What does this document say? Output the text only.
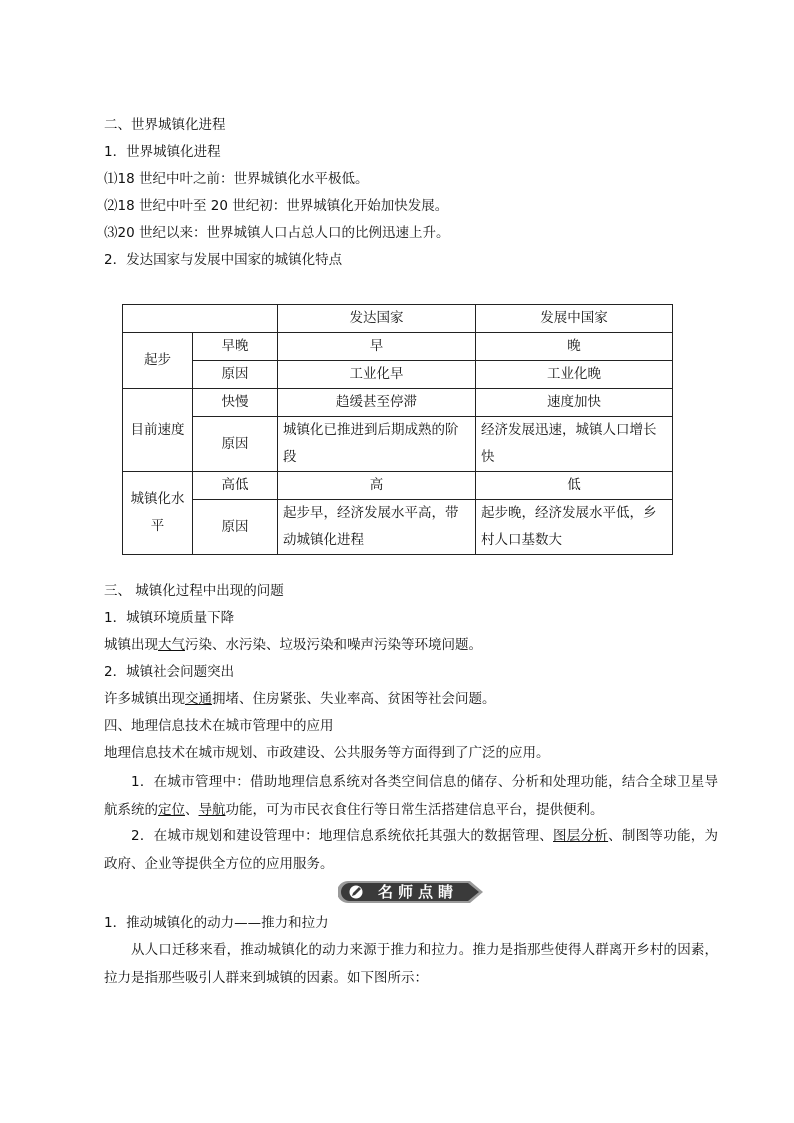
二、世界城镇化进程
1．世界城镇化进程
⑴18 世纪中叶之前：世界城镇化水平极低。
⑵18 世纪中叶至 20 世纪初：世界城镇化开始加快发展。
⑶20 世纪以来：世界城镇人口占总人口的比例迅速上升。
2．发达国家与发展中国家的城镇化特点
		发达国家	发展中国家
起步	早晚	早	晚
	原因	工业化早	工业化晚
目前速度	快慢	趋缓甚至停滞	速度加快
	原因	城镇化已推进到后期成熟的阶段	经济发展迅速，城镇人口增长快
城镇化水平	高低	高	低
	原因	起步早，经济发展水平高，带动城镇化进程	起步晚，经济发展水平低，乡村人口基数大
三、 城镇化过程中出现的问题
1．城镇环境质量下降
城镇出现大气污染、水污染、垃圾污染和噪声污染等环境问题。
2．城镇社会问题突出
许多城镇出现交通拥堵、住房紧张、失业率高、贫困等社会问题。
四、地理信息技术在城市管理中的应用
地理信息技术在城市规划、市政建设、公共服务等方面得到了广泛的应用。
1．在城市管理中：借助地理信息系统对各类空间信息的储存、分析和处理功能，结合全球卫星导航系统的定位、导航功能，可为市民衣食住行等日常生活搭建信息平台，提供便利。
2．在城市规划和建设管理中：地理信息系统依托其强大的数据管理、图层分析、制图等功能，为政府、企业等提供全方位的应用服务。
名师点睛
1．推动城镇化的动力——推力和拉力
从人口迁移来看，推动城镇化的动力来源于推力和拉力。推力是指那些使得人群离开乡村的因素，拉力是指那些吸引人群来到城镇的因素。如下图所示：
